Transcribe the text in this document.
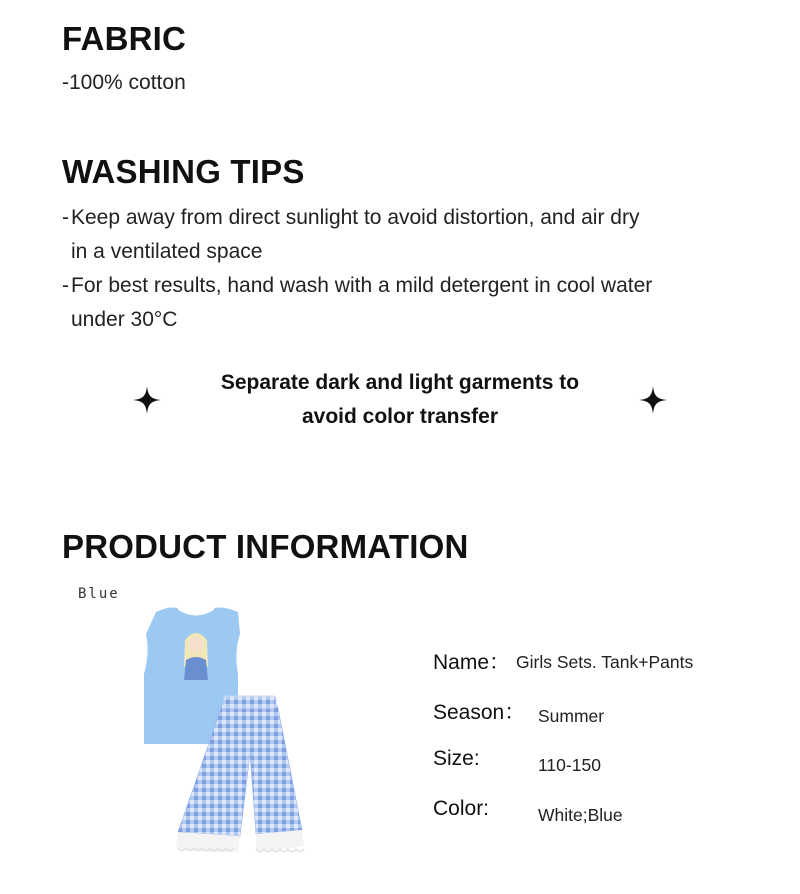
FABRIC
-100% cotton
WASHING TIPS
- Keep away from direct sunlight to avoid distortion, and air dry
in a ventilated space
- For best results, hand wash with a mild detergent in cool water
under 30°C
Separate dark and light garments to
avoid color transfer
PRODUCT INFORMATION
Blue
Name： Girls Sets. Tank+Pants
Season： Summer
Size:	110-150
Color:	White;Blue
